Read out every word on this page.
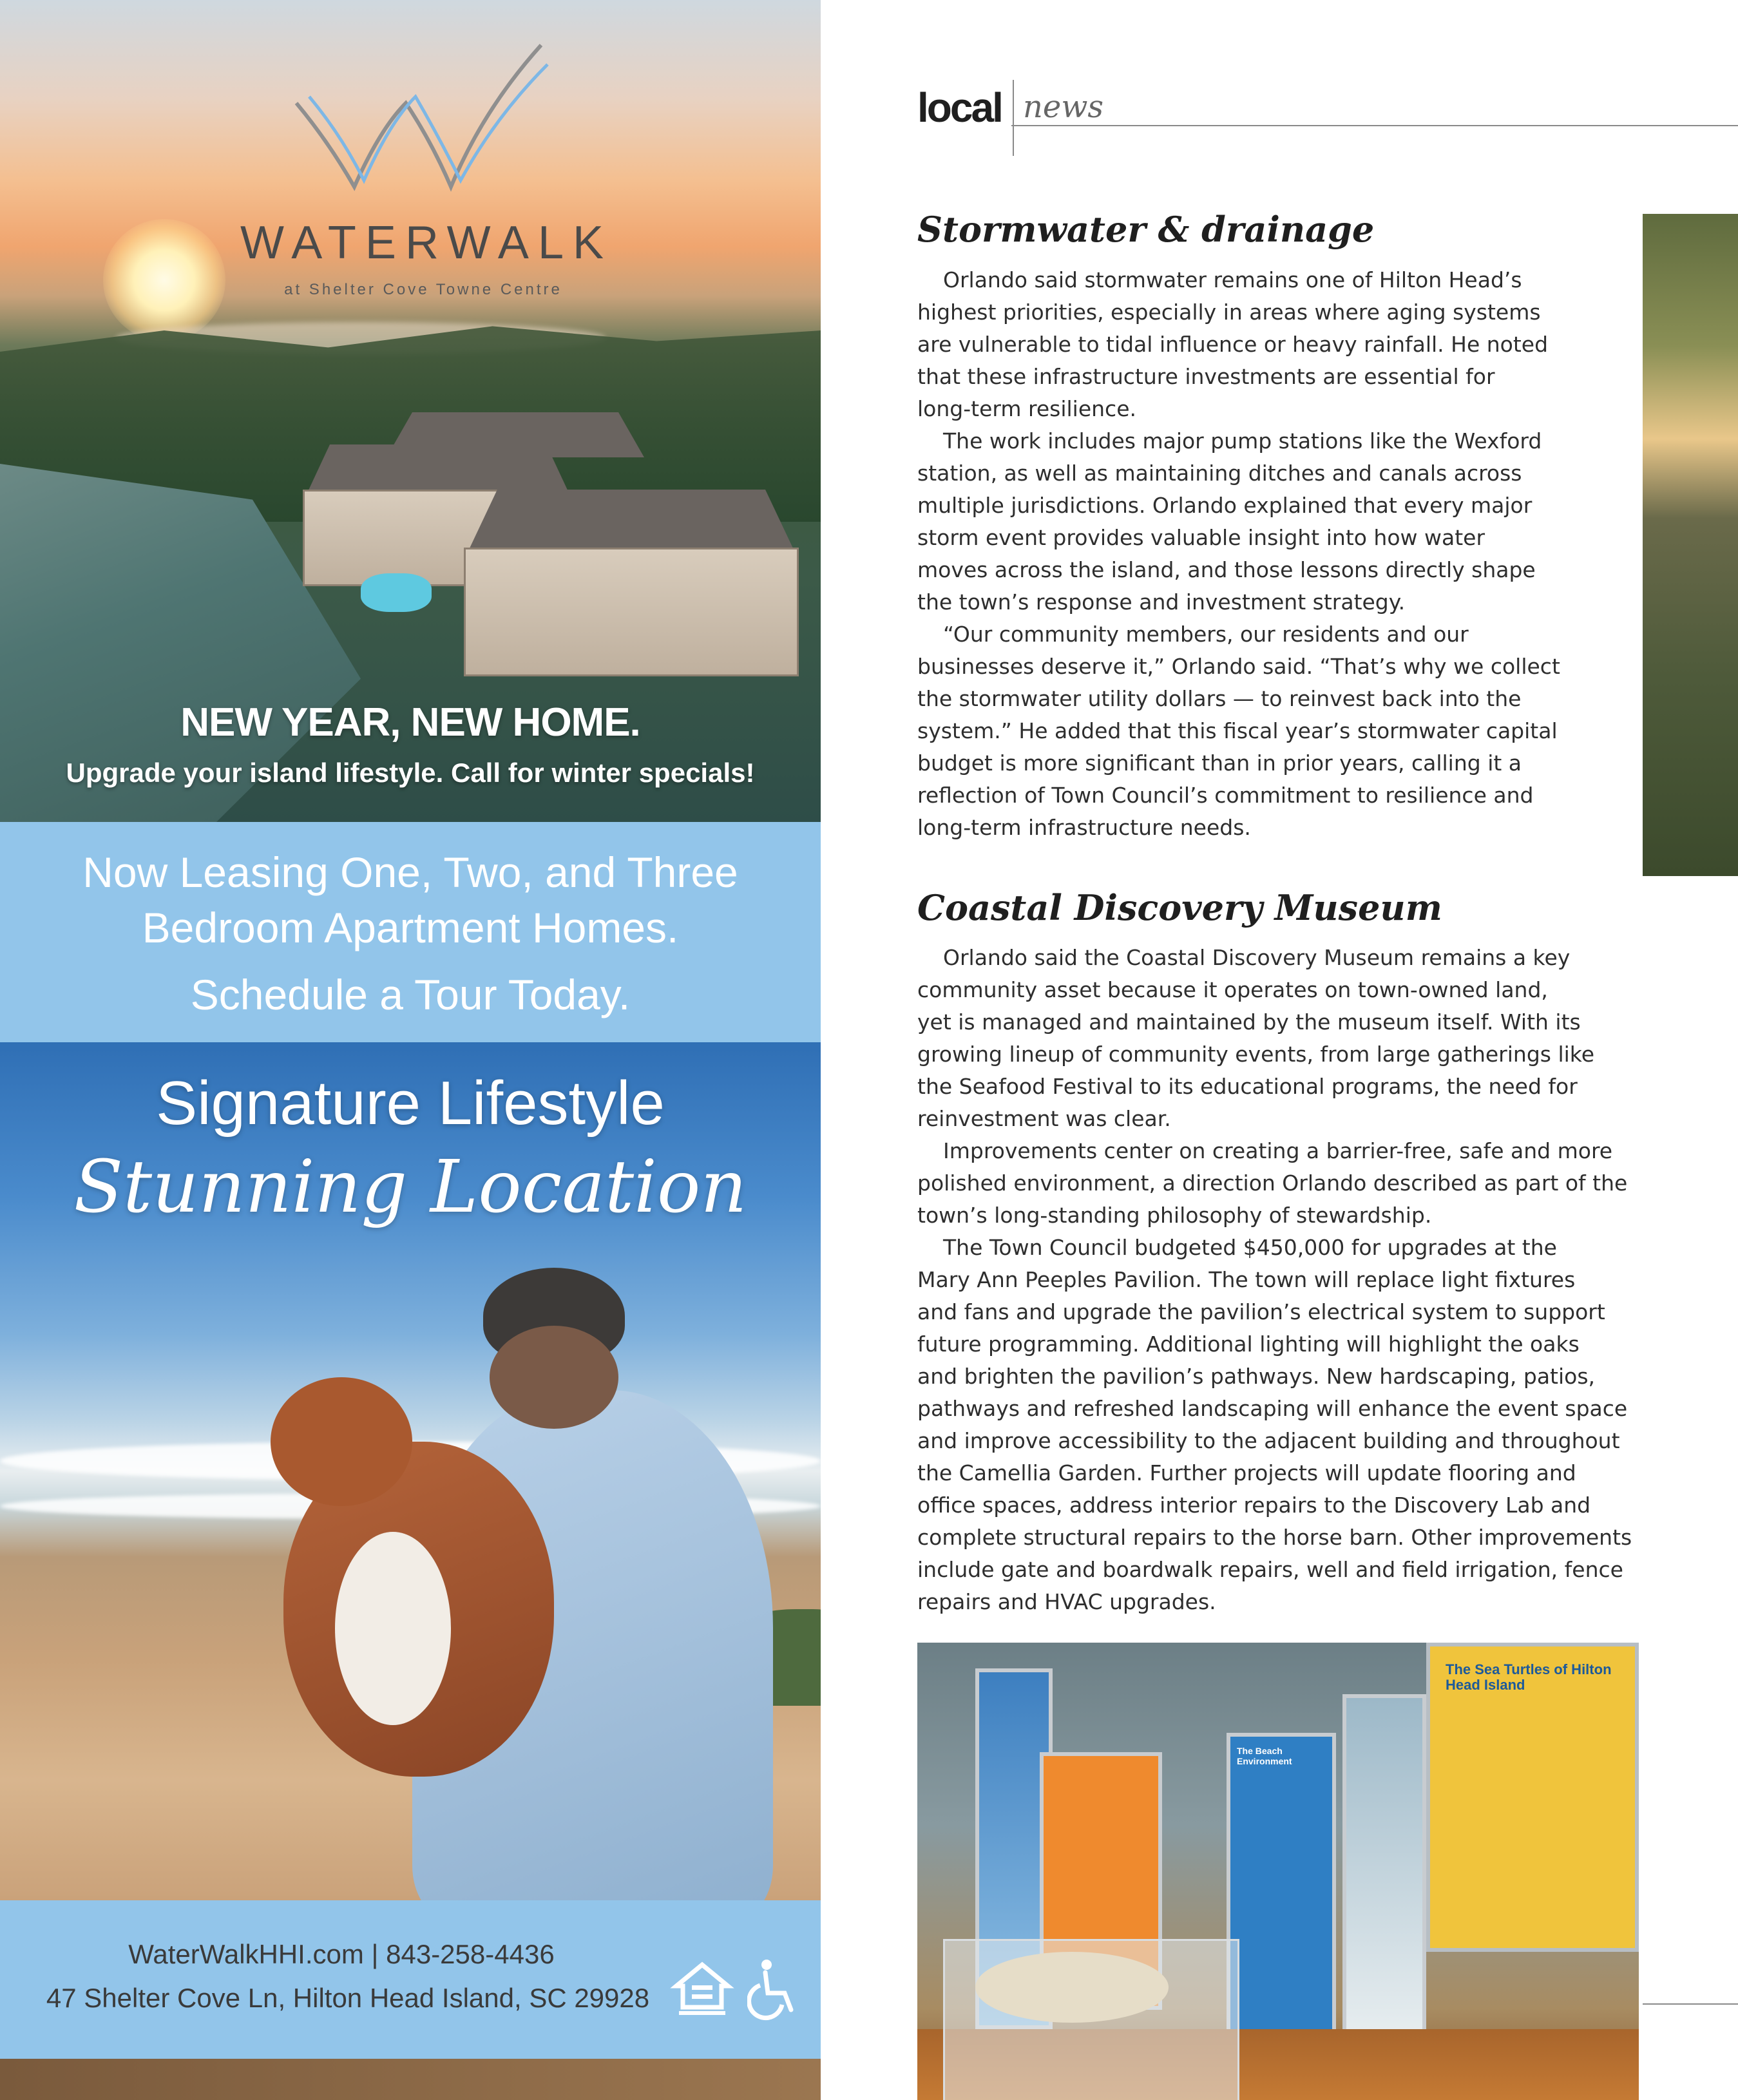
WATERWALK
at Shelter Cove Towne Centre
NEW YEAR, NEW HOME.
Upgrade your island lifestyle. Call for winter specials!

Now Leasing One, Two, and Three

Bedroom Apartment Homes.

Schedule a Tour Today.

Signature Lifestyle
Stunning Location
WaterWalkHHI.com | 843-258-4436
47 Shelter Cove Ln, Hilton Head Island, SC 29928
local news
Stormwater & drainage
Orlando said stormwater remains one of Hilton Head’s
highest priorities, especially in areas where aging systems
are vulnerable to tidal influence or heavy rainfall. He noted
that these infrastructure investments are essential for
long-term resilience.
The work includes major pump stations like the Wexford
station, as well as maintaining ditches and canals across
multiple jurisdictions. Orlando explained that every major
storm event provides valuable insight into how water
moves across the island, and those lessons directly shape
the town’s response and investment strategy.
“Our community members, our residents and our
businesses deserve it,” Orlando said. “That’s why we collect
the stormwater utility dollars — to reinvest back into the
system.” He added that this fiscal year’s stormwater capital
budget is more significant than in prior years, calling it a
reflection of Town Council’s commitment to resilience and
long-term infrastructure needs.
Coastal Discovery Museum
Orlando said the Coastal Discovery Museum remains a key
community asset because it operates on town-owned land,
yet is managed and maintained by the museum itself. With its
growing lineup of community events, from large gatherings like
the Seafood Festival to its educational programs, the need for
reinvestment was clear.
Improvements center on creating a barrier-free, safe and more
polished environment, a direction Orlando described as part of the
town’s long-standing philosophy of stewardship.
The Town Council budgeted $450,000 for upgrades at the
Mary Ann Peeples Pavilion. The town will replace light fixtures
and fans and upgrade the pavilion’s electrical system to support
future programming. Additional lighting will highlight the oaks
and brighten the pavilion’s pathways. New hardscaping, patios,
pathways and refreshed landscaping will enhance the event space
and improve accessibility to the adjacent building and throughout
the Camellia Garden. Further projects will update flooring and
office spaces, address interior repairs to the Discovery Lab and
complete structural repairs to the horse barn. Other improvements
include gate and boardwalk repairs, well and field irrigation, fence
repairs and HVAC upgrades.
The Beach Environment
The Sea Turtles of Hilton Head Island
